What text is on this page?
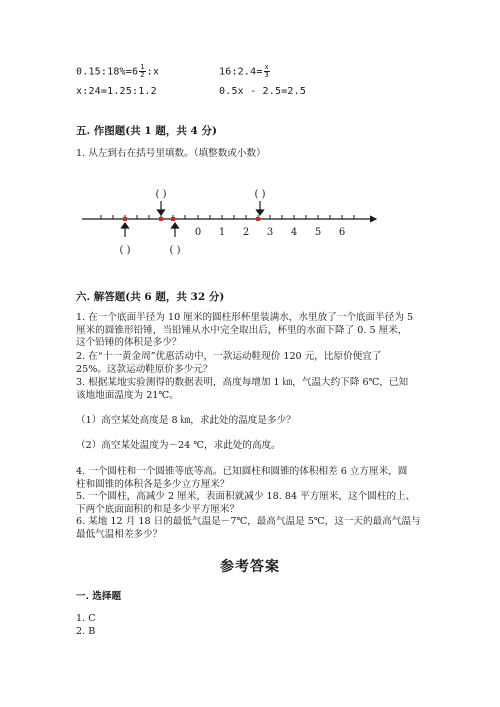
0.15:18%=6 $\frac{1}{2}$ :x	16:2.4= $\frac{x}{3}$
x:24=1.25:1.2	0.5x - 2.5=2.5
五. 作图题(共 1 题，共 4 分)
1. 从左到右在括号里填数。（填整数或小数）
0 1 2 3 4 5 6
( )	( )
( )	( )
六. 解答题(共 6 题，共 32 分)
1. 在一个底面半径为 10 厘米的圆柱形杯里装满水，水里放了一个底面半径为 5
厘米的圆锥形铅锤，当铅锤从水中完全取出后，杯里的水面下降了 0. 5 厘米，
这个铅锤的体积是多少？
2. 在“十一黄金周”优惠活动中，一款运动鞋现价 120 元，比原价便宜了
25%。这款运动鞋原价多少元？
3. 根据某地实验测得的数据表明，高度每增加 1 ㎞，气温大约下降 6℃，已知
该地地面温度为 21℃。
（1）高空某处高度是 8 ㎞，求此处的温度是多少？
（2）高空某处温度为－24 ℃，求此处的高度。
4. 一个圆柱和一个圆锥等底等高。已知圆柱和圆锥的体积相差 6 立方厘米，圆
柱和圆锥的体积各是多少立方厘米？
5. 一个圆柱，高减少 2 厘米，表面积就减少 18. 84 平方厘米，这个圆柱的上、
下两个底面面积的和是多少平方厘米？
6. 某地 12 月 18 日的最低气温是－7℃，最高气温是 5℃，这一天的最高气温与
最低气温相差多少？
参考答案
一. 选择题
1. C
2. B
